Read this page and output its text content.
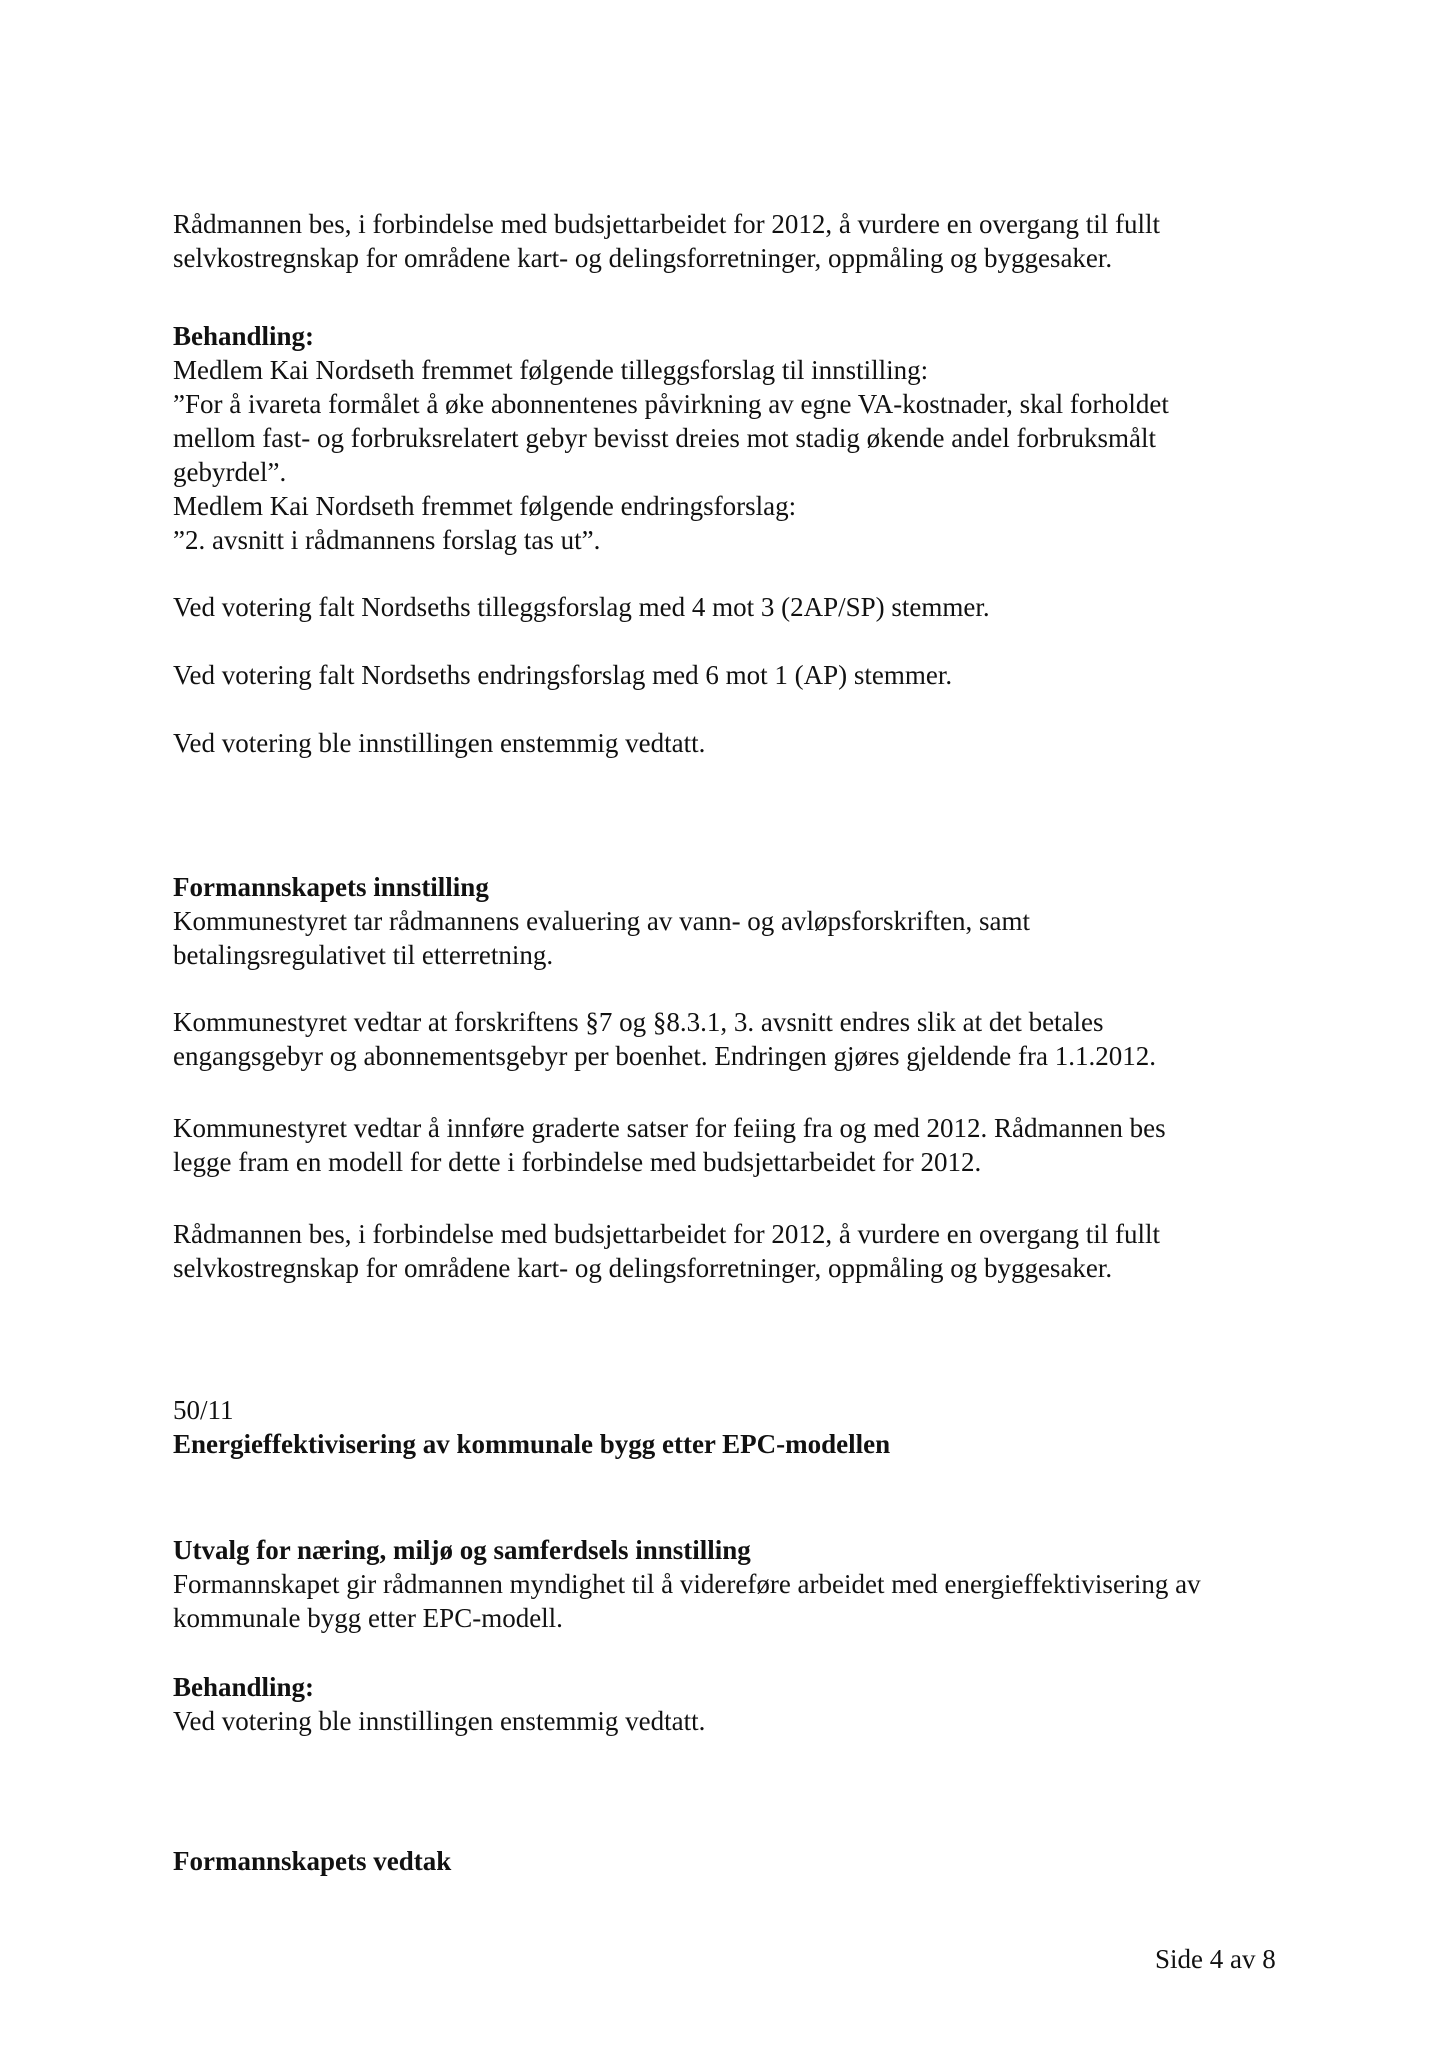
Rådmannen bes, i forbindelse med budsjettarbeidet for 2012, å vurdere en overgang til fullt

selvkostregnskap for områdene kart- og delingsforretninger, oppmåling og byggesaker.

Behandling:

Medlem Kai Nordseth fremmet følgende tilleggsforslag til innstilling:

”For å ivareta formålet å øke abonnentenes påvirkning av egne VA-kostnader, skal forholdet

mellom fast- og forbruksrelatert gebyr bevisst dreies mot stadig økende andel forbruksmålt

gebyrdel”.

Medlem Kai Nordseth fremmet følgende endringsforslag:

”2. avsnitt i rådmannens forslag tas ut”.

Ved votering falt Nordseths tilleggsforslag med 4 mot 3 (2AP/SP) stemmer.

Ved votering falt Nordseths endringsforslag med 6 mot 1 (AP) stemmer.

Ved votering ble innstillingen enstemmig vedtatt.

Formannskapets innstilling

Kommunestyret tar rådmannens evaluering av vann- og avløpsforskriften, samt

betalingsregulativet til etterretning.

Kommunestyret vedtar at forskriftens §7 og §8.3.1, 3. avsnitt endres slik at det betales

engangsgebyr og abonnementsgebyr per boenhet. Endringen gjøres gjeldende fra 1.1.2012.

Kommunestyret vedtar å innføre graderte satser for feiing fra og med 2012. Rådmannen bes

legge fram en modell for dette i forbindelse med budsjettarbeidet for 2012.

Rådmannen bes, i forbindelse med budsjettarbeidet for 2012, å vurdere en overgang til fullt

selvkostregnskap for områdene kart- og delingsforretninger, oppmåling og byggesaker.

50/11

Energieffektivisering av kommunale bygg etter EPC-modellen

Utvalg for næring, miljø og samferdsels innstilling

Formannskapet gir rådmannen myndighet til å videreføre arbeidet med energieffektivisering av

kommunale bygg etter EPC-modell.

Behandling:

Ved votering ble innstillingen enstemmig vedtatt.

Formannskapets vedtak

Side 4 av 8
